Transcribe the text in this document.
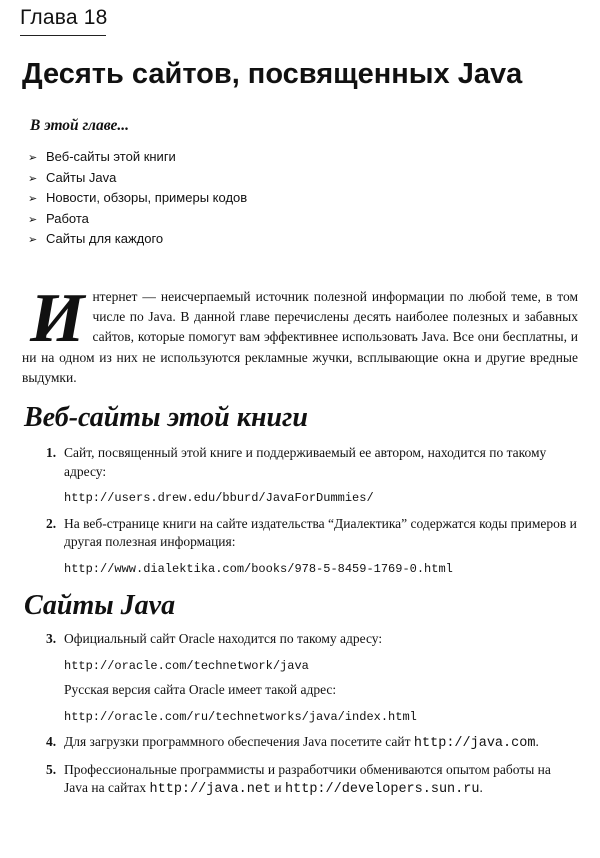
Глава 18
Десять сайтов, посвященных Java
В этой главе...
➢ Веб-сайты этой книги
➢ Сайты Java
➢ Новости, обзоры, примеры кодов
➢ Работа
➢ Сайты для каждого
Интернет — неисчерпаемый источник полезной информации по любой теме, в том числе по Java. В данной главе перечислены десять наиболее полезных и забавных сайтов, которые помогут вам эффективнее использовать Java. Все они бесплатны, и ни на одном из них не используются рекламные жучки, всплывающие окна и другие вредные выдумки.
Веб-сайты этой книги
1. Сайт, посвященный этой книге и поддерживаемый ее автором, находится по такому адресу:

http://users.drew.edu/bburd/JavaForDummies/
2. На веб-странице книги на сайте издательства “Диалектика” содержатся коды примеров и другая полезная информация:

http://www.dialektika.com/books/978-5-8459-1769-0.html
Сайты Java
3. Официальный сайт Oracle находится по такому адресу:

http://oracle.com/technetwork/java

Русская версия сайта Oracle имеет такой адрес:

http://oracle.com/ru/technetworks/java/index.html
4. Для загрузки программного обеспечения Java посетите сайт http://java.com.

5. Профессиональные программисты и разработчики обмениваются опытом работы на Java на сайтах http://java.net и http://developers.sun.ru.
